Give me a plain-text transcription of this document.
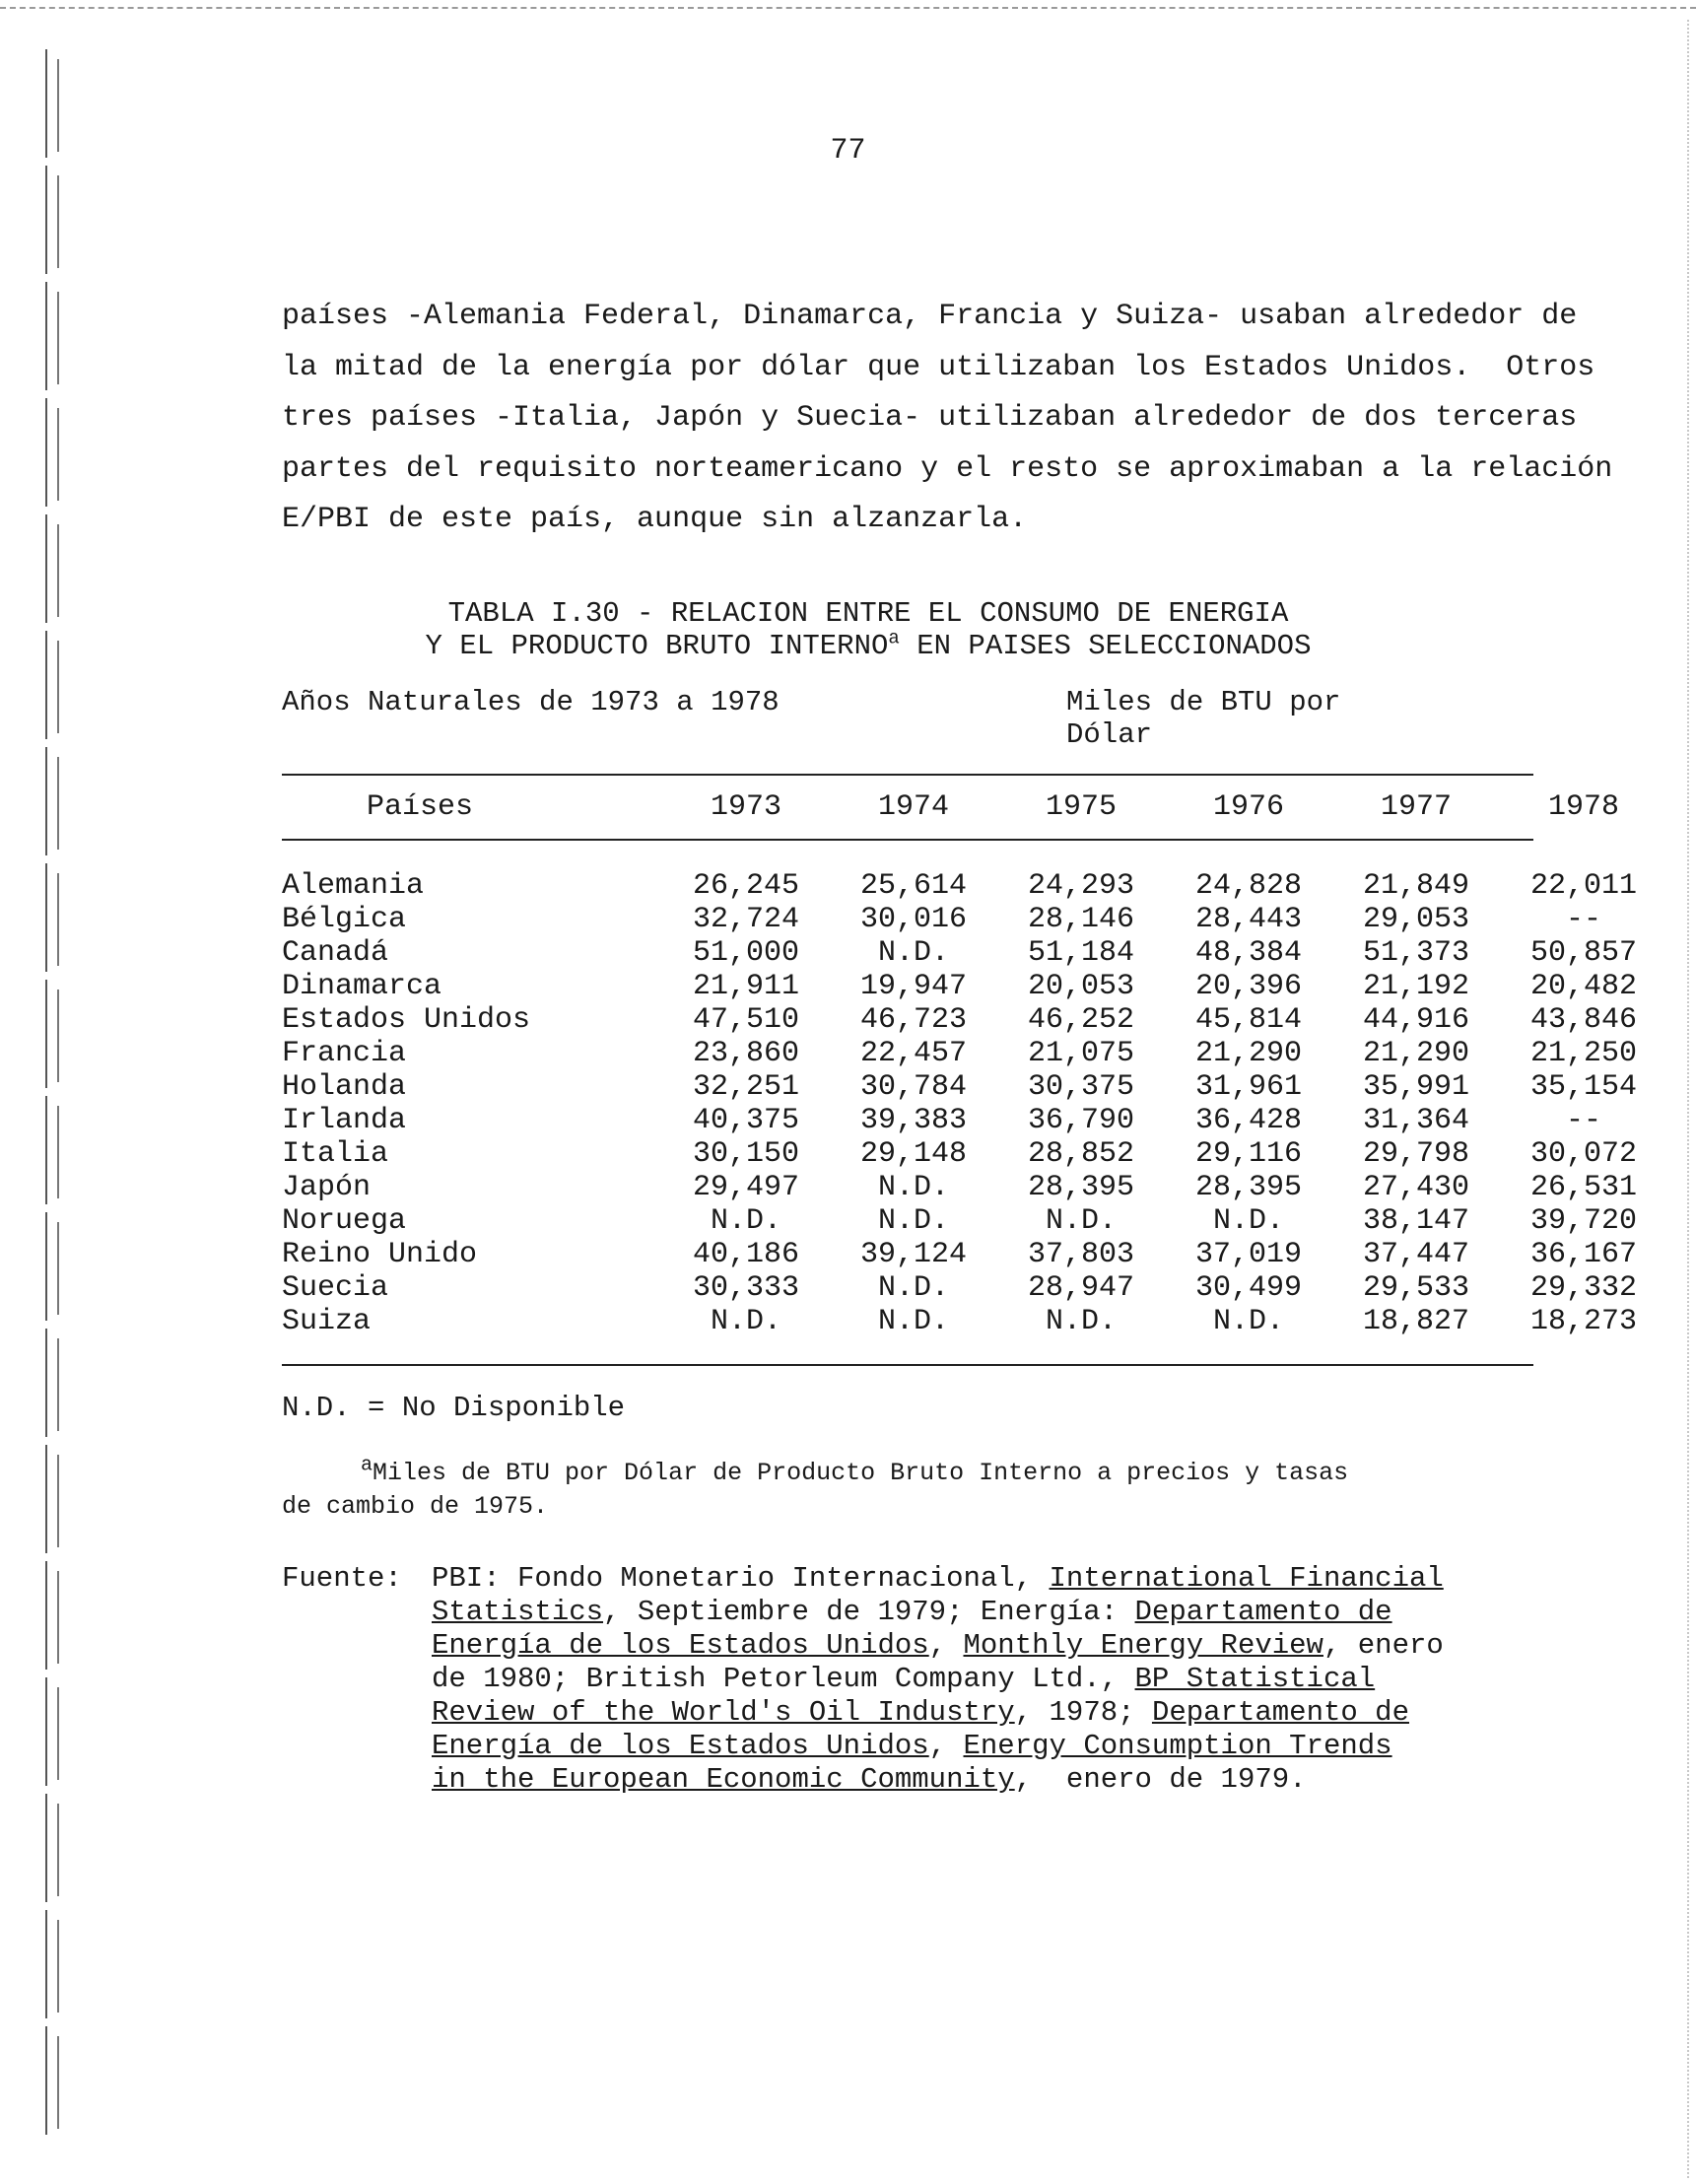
77

países -Alemania Federal, Dinamarca, Francia y Suiza- usaban alrededor de

la mitad de la energía por dólar que utilizaban los Estados Unidos.  Otros

tres países -Italia, Japón y Suecia- utilizaban alrededor de dos terceras

partes del requisito norteamericano y el resto se aproximaban a la relación

E/PBI de este país, aunque sin alzanzarla.

TABLA I.30 - RELACION ENTRE EL CONSUMO DE ENERGIA
Y EL PRODUCTO BRUTO INTERNO$^a$ EN PAISES SELECCIONADOS
Años Naturales de 1973 a 1978	Miles de BTU por Dólar
Países	1973	1974	1975	1976	1977	1978

Alemania	26,245	25,614	24,293	24,828	21,849	22,011
Bélgica	32,724	30,016	28,146	28,443	29,053	--
Canadá	51,000	N.D.	51,184	48,384	51,373	50,857
Dinamarca	21,911	19,947	20,053	20,396	21,192	20,482
Estados Unidos	47,510	46,723	46,252	45,814	44,916	43,846
Francia	23,860	22,457	21,075	21,290	21,290	21,250
Holanda	32,251	30,784	30,375	31,961	35,991	35,154
Irlanda	40,375	39,383	36,790	36,428	31,364	--
Italia	30,150	29,148	28,852	29,116	29,798	30,072
Japón	29,497	N.D.	28,395	28,395	27,430	26,531
Noruega	N.D.	N.D.	N.D.	N.D.	38,147	39,720
Reino Unido	40,186	39,124	37,803	37,019	37,447	36,167
Suecia	30,333	N.D.	28,947	30,499	29,533	29,332
Suiza	N.D.	N.D.	N.D.	N.D.	18,827	18,273
N.D. = No Disponible
$^a$Miles de BTU por Dólar de Producto Bruto Interno a precios y tasas
de cambio de 1975.
Fuente: PBI: Fondo Monetario Internacional, International Financial
Statistics, Septiembre de 1979; Energía: Departamento de
Energía de los Estados Unidos, Monthly Energy Review, enero
de 1980; British Petorleum Company Ltd., BP Statistical
Review of the World's Oil Industry, 1978; Departamento de
Energía de los Estados Unidos, Energy Consumption Trends
in the European Economic Community,  enero de 1979.
